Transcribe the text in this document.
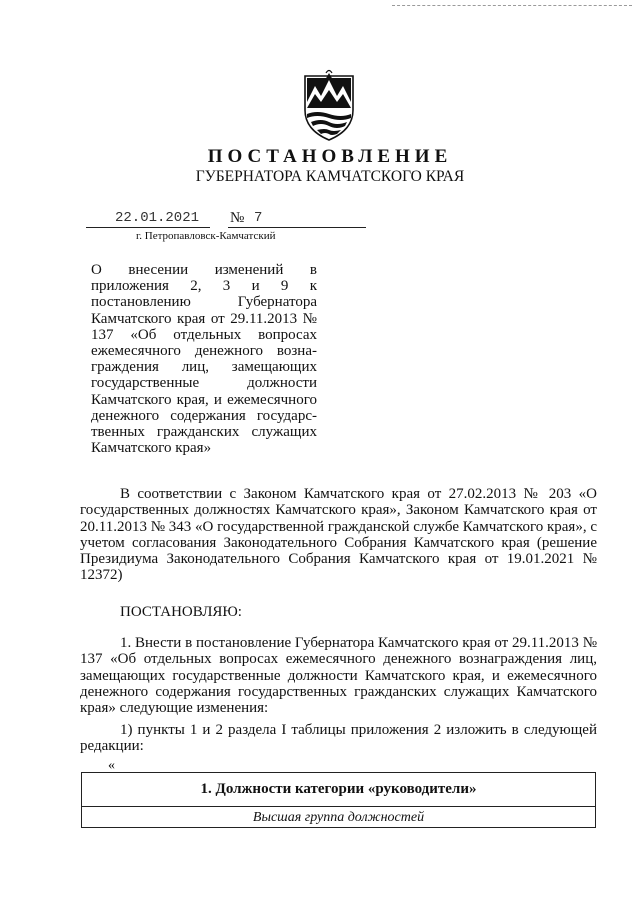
ПОСТАНОВЛЕНИЕ
ГУБЕРНАТОРА КАМЧАТСКОГО КРАЯ
22.01.2021 № 7
г. Петропавловск-Камчатский
О внесении изменений в приложения 2, 3 и 9 к постановлению Губернатора Камчатского края от 29.11.2013 № 137 «Об отдельных вопросах ежемесячного денежного возна-граждения лиц, замещающих государственные должности Камчатского края, и ежемесячного денежного содержания государс-твенных гражданских служащих Камчатского края»
В соответствии с Законом Камчатского края от 27.02.2013 № 203 «О государственных должностях Камчатского края», Законом Камчатского края от 20.11.2013 № 343 «О государственной гражданской службе Камчатского края», с учетом согласования Законодательного Собрания Камчатского края (решение Президиума Законодательного Собрания Камчатского края от 19.01.2021 № 12372)
ПОСТАНОВЛЯЮ:
1. Внести в постановление Губернатора Камчатского края от 29.11.2013 № 137 «Об отдельных вопросах ежемесячного денежного вознаграждения лиц, замещающих государственные должности Камчатского края, и ежемесячного денежного содержания государственных гражданских служащих Камчатского края» следующие изменения:
1) пункты 1 и 2 раздела I таблицы приложения 2 изложить в следующей редакции:
«
1. Должности категории «руководители»
Высшая группа должностей
